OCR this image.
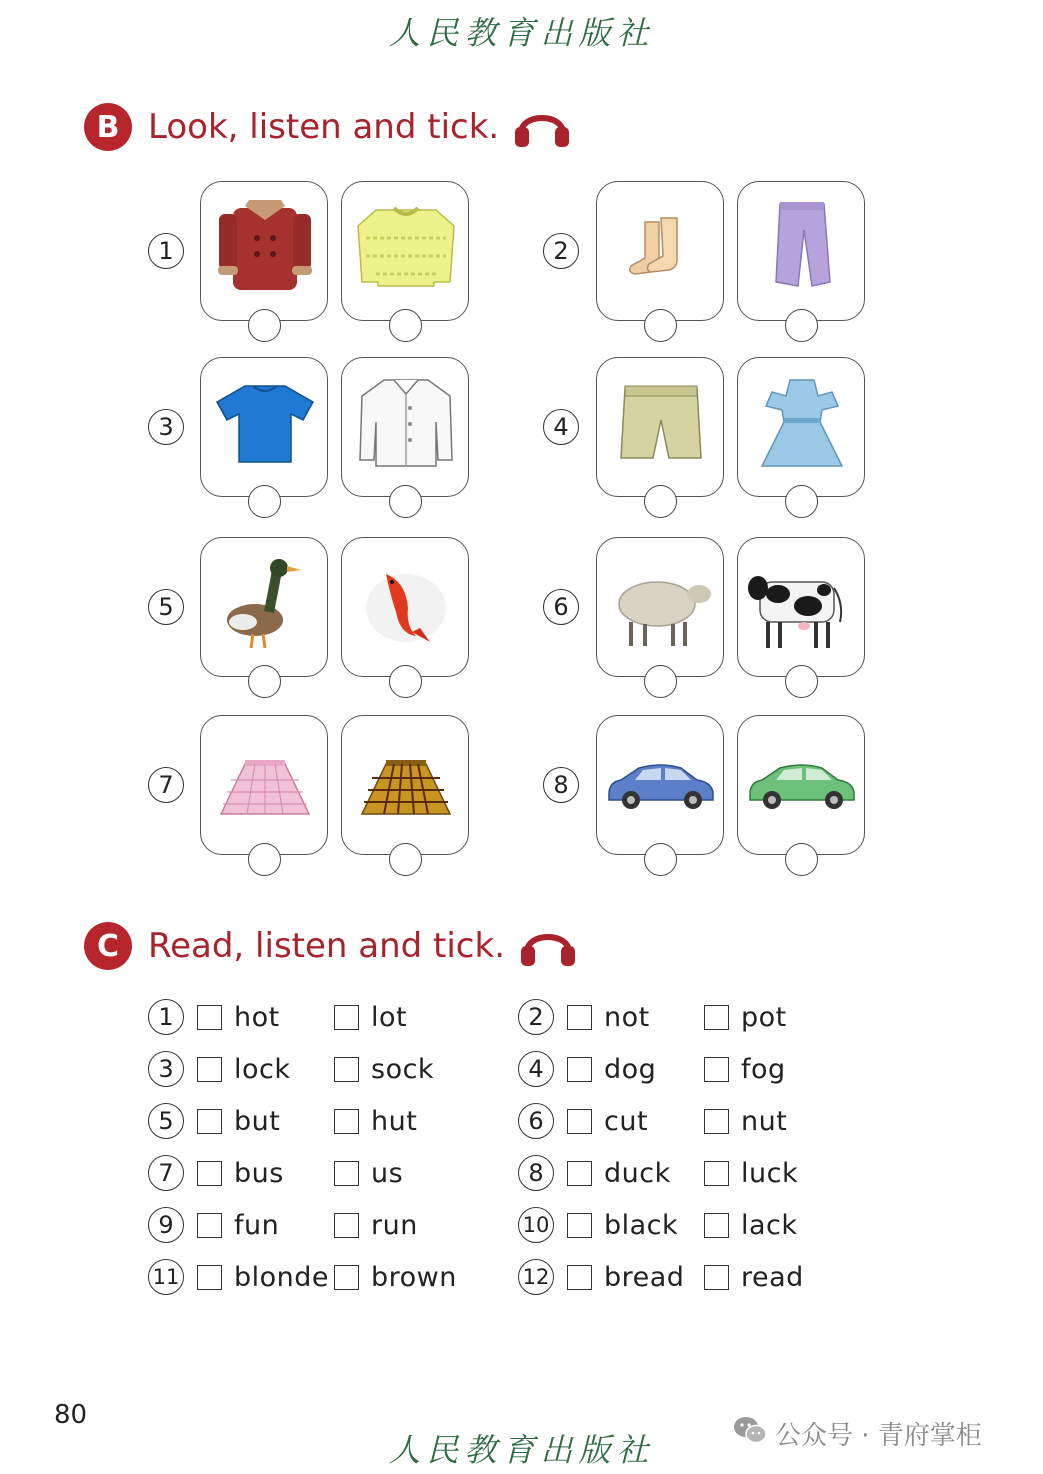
人民教育出版社
B Look, listen and tick.
1	2
3	4
5	6
7	8
C Read, listen and tick.
1	hot	lot	2	not	pot
3	lock	sock	4	dog	fog
5	but	hut	6	cut	nut
7	bus	us	8	duck	luck
9	fun	run	10 black lack
11 blonde brown	12 bread read
80
人民教育出版社	公众号 · 青府掌柜
